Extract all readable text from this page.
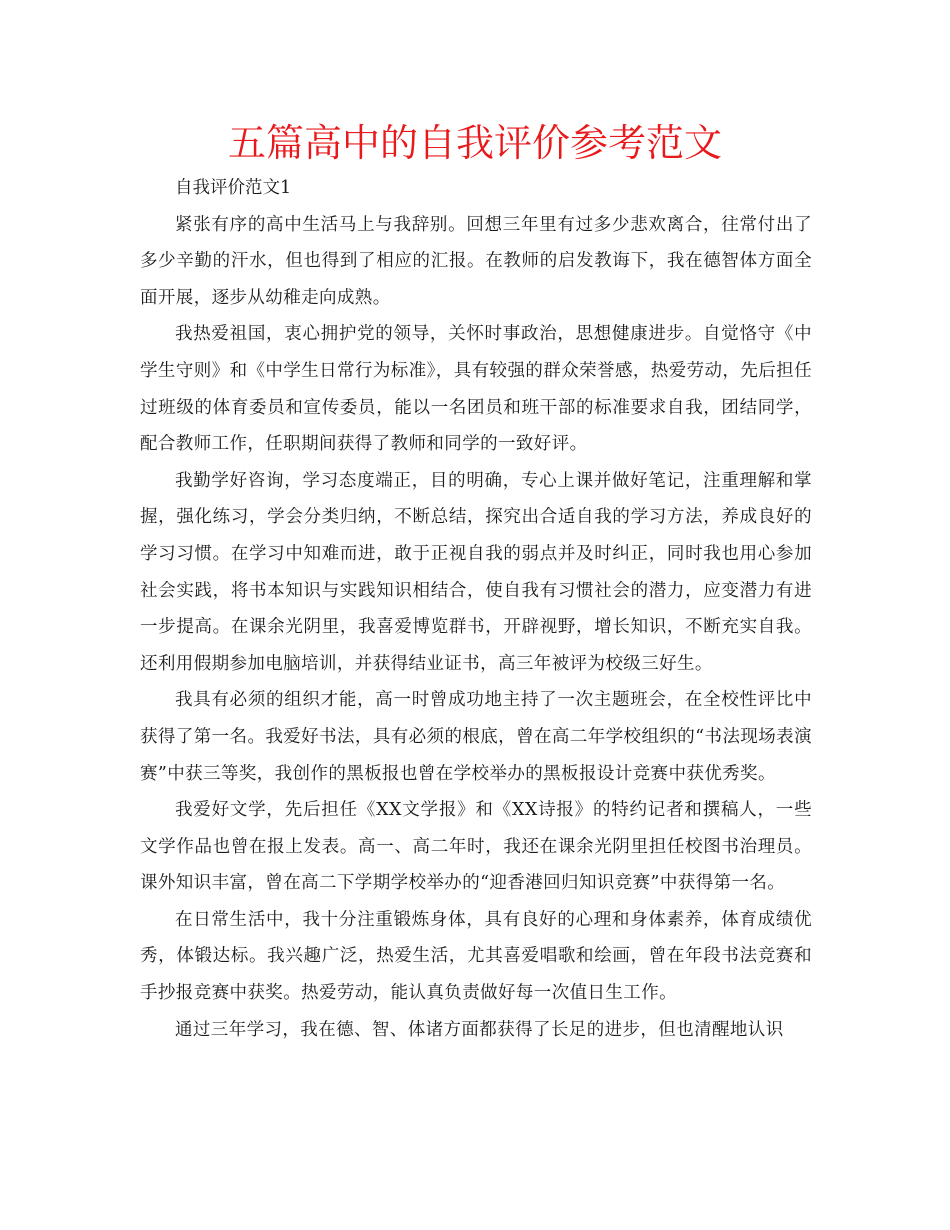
五篇高中的自我评价参考范文

自我评价范文1

紧张有序的高中生活马上与我辞别。回想三年里有过多少悲欢离合，往常付出了多少辛勤的汗水，但也得到了相应的汇报。在教师的启发教诲下，我在德智体方面全面开展，逐步从幼稚走向成熟。

我热爱祖国，衷心拥护党的领导，关怀时事政治，思想健康进步。自觉恪守《中学生守则》和《中学生日常行为标准》，具有较强的群众荣誉感，热爱劳动，先后担任过班级的体育委员和宣传委员，能以一名团员和班干部的标准要求自我，团结同学，配合教师工作，任职期间获得了教师和同学的一致好评。

我勤学好咨询，学习态度端正，目的明确，专心上课并做好笔记，注重理解和掌握，强化练习，学会分类归纳，不断总结，探究出合适自我的学习方法，养成良好的学习习惯。在学习中知难而进，敢于正视自我的弱点并及时纠正，同时我也用心参加社会实践，将书本知识与实践知识相结合，使自我有习惯社会的潜力，应变潜力有进一步提高。在课余光阴里，我喜爱博览群书，开辟视野，增长知识，不断充实自我。还利用假期参加电脑培训，并获得结业证书，高三年被评为校级三好生。

我具有必须的组织才能，高一时曾成功地主持了一次主题班会，在全校性评比中获得了第一名。我爱好书法，具有必须的根底，曾在高二年学校组织的“书法现场表演赛”中获三等奖，我创作的黑板报也曾在学校举办的黑板报设计竞赛中获优秀奖。

我爱好文学，先后担任《XX文学报》和《XX诗报》的特约记者和撰稿人，一些文学作品也曾在报上发表。高一、高二年时，我还在课余光阴里担任校图书治理员。课外知识丰富，曾在高二下学期学校举办的“迎香港回归知识竞赛”中获得第一名。

在日常生活中，我十分注重锻炼身体，具有良好的心理和身体素养，体育成绩优秀，体锻达标。我兴趣广泛，热爱生活，尤其喜爱唱歌和绘画，曾在年段书法竞赛和手抄报竞赛中获奖。热爱劳动，能认真负责做好每一次值日生工作。

通过三年学习，我在德、智、体诸方面都获得了长足的进步，但也清醒地认识
